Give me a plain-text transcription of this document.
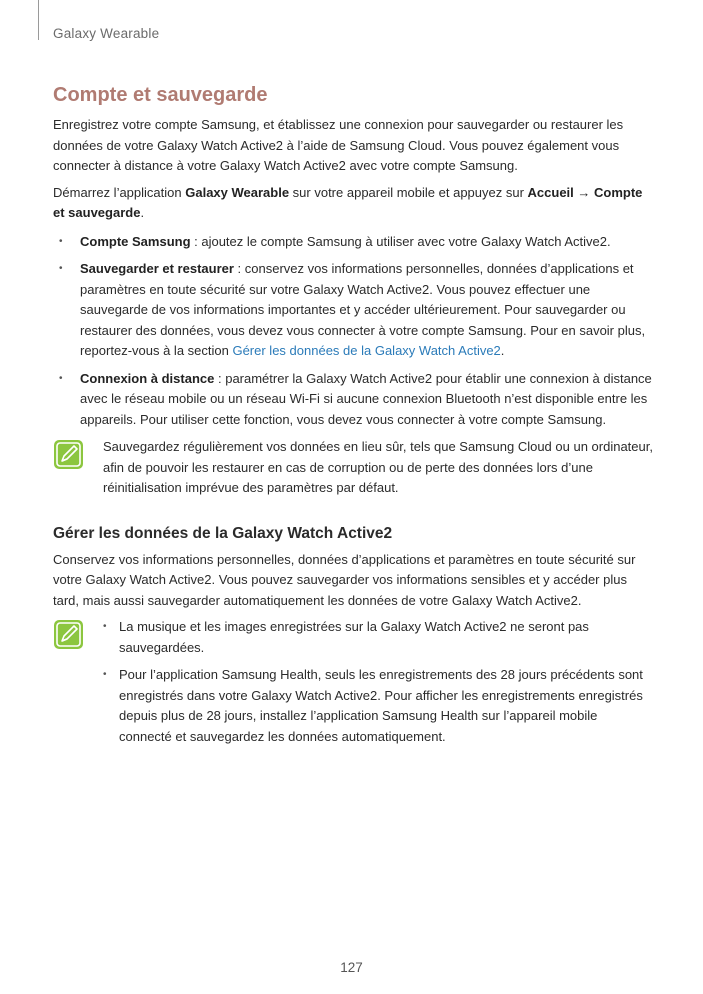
Galaxy Wearable
Compte et sauvegarde

Enregistrez votre compte Samsung, et établissez une connexion pour sauvegarder ou restaurer les données de votre Galaxy Watch Active2 à l’aide de Samsung Cloud. Vous pouvez également vous connecter à distance à votre Galaxy Watch Active2 avec votre compte Samsung.

Démarrez l’application Galaxy Wearable sur votre appareil mobile et appuyez sur Accueil → Compte et sauvegarde.

• Compte Samsung : ajoutez le compte Samsung à utiliser avec votre Galaxy Watch Active2.
• Sauvegarder et restaurer : conservez vos informations personnelles, données d’applications et paramètres en toute sécurité sur votre Galaxy Watch Active2. Vous pouvez effectuer une sauvegarde de vos informations importantes et y accéder ultérieurement. Pour sauvegarder ou restaurer des données, vous devez vous connecter à votre compte Samsung. Pour en savoir plus, reportez-vous à la section Gérer les données de la Galaxy Watch Active2.
• Connexion à distance : paramétrer la Galaxy Watch Active2 pour établir une connexion à distance avec le réseau mobile ou un réseau Wi-Fi si aucune connexion Bluetooth n’est disponible entre les appareils. Pour utiliser cette fonction, vous devez vous connecter à votre compte Samsung.

Sauvegardez régulièrement vos données en lieu sûr, tels que Samsung Cloud ou un ordinateur, afin de pouvoir les restaurer en cas de corruption ou de perte des données lors d’une réinitialisation imprévue des paramètres par défaut.

Gérer les données de la Galaxy Watch Active2

Conservez vos informations personnelles, données d’applications et paramètres en toute sécurité sur votre Galaxy Watch Active2. Vous pouvez sauvegarder vos informations sensibles et y accéder plus tard, mais aussi sauvegarder automatiquement les données de votre Galaxy Watch Active2.

• La musique et les images enregistrées sur la Galaxy Watch Active2 ne seront pas sauvegardées.
• Pour l’application Samsung Health, seuls les enregistrements des 28 jours précédents sont enregistrés dans votre Galaxy Watch Active2. Pour afficher les enregistrements enregistrés depuis plus de 28 jours, installez l’application Samsung Health sur l’appareil mobile connecté et sauvegardez les données automatiquement.
127
